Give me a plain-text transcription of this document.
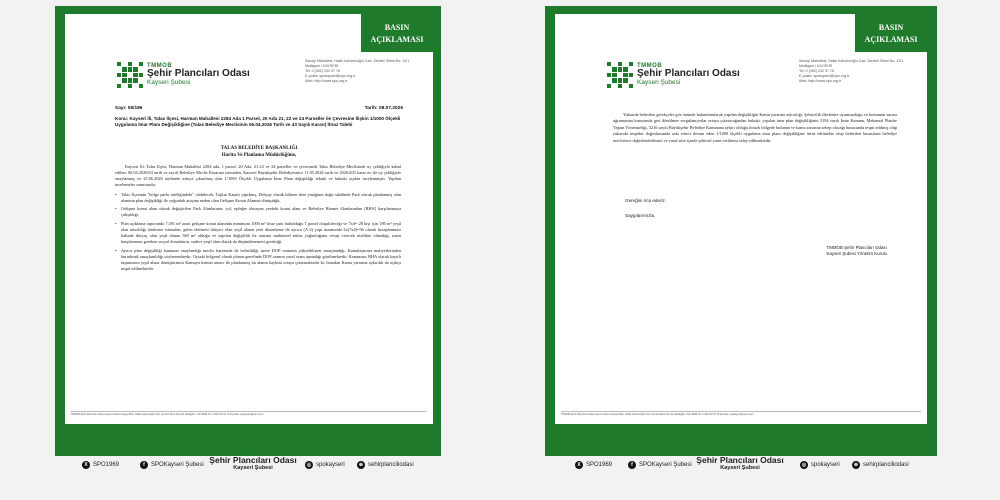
BASIN
AÇIKLAMASI
TMMOB
Şehir Plancıları Odası
Kayseri Şubesi
Sanayi Mahallesi, Hakki Kahvecioğlu Cad. Zeminli Sitesi No: 13/1
Melikgazi / KAYSERİ
Tel: 0 (352) 232 97 76
E-posta: spokayseri@spo.org.tr
Web: http://www.spo.org.tr
Sayı: 06/186	Tarih: 08.07.2026
Konu: Kayseri İli, Talas İlçesi, Harman Mahallesi 2284 Ada 1 Parsel, 20 Ada 21, 22 ve 24 Parseller ile Çevresine İlişkin 1/1000 Ölçekli Uygulama İmar Planı Değişikliğine (Talas Belediye Meclisinin 06.04.2026 Tarih ve 43 Sayılı Kararı) İtiraz Talebi
TALAS BELEDİYE BAŞKANLIĞI
Harita Ve Planlama Müdürlüğüne,

Kayseri İli, Talas İlçesi, Harman Mahallesi 2284 ada, 1 parsel, 20 Ada, 21-22 ve 24 parseller ve çevresinde Talas Belediye Meclisinde uy çekliğiyle kabul edilen; 06.04.2026/43 tarih ve sayılı Belediye Meclis Kararına istinaden, Kayseri Büyükşehir Belediyesince 11.05.2026 tarih ve 2026/205 karar no ile uy çekliğiyle onaylanmış ve 25.06.2026 tarihinde askıya çıkarılmış olan 1/1000 Ölçekli Uygulama İmar Planı değişikliği teknik ve hukuki açıdan incelenmiştir. Yapılan incelemeler sonucunda;

• Talas İlçesinin "bölge parkı niteliğindeki" olabilecek, Taşkın Kanalı yapılmış, Deliçay olarak bilinen dere yatağının doğu sahilinde Park olarak planlanmış olan alanının plan değişikliği ile yoğunluk artışına neden olan Gelişme Konut Alanına dönüştüğü,
• Gelişme konut alanı olarak değiştirilen Park Alanlarının; yol, eşdeğer olmayan yerdeki konut alanı ve Belediye Hizmet Alanlarından [BHA] karşılanmaya çalışıldığı,
• Plan açıklama raporunda 7.491 m² arazi gelişme konut alanında minimum 1000 m² ifraz şartı bulunduğu 7 parsel oluşabileceği ve 7x4= 28 kişi için 180 m² yeşil alan artırıldığı ifadesine istinaden, gelen ekilmesi ihtiyacı olan yeşil alanın yeni düzenleme ile ayrıca (A-2) yapı nizamında 2x(7x4)=56 olarak hesaplanması halinde ihtiyaç olan yeşil alanın 560 m² olduğu ve yapılan değişiklik ile artması muhtemel nüfus yoğunluğuna cevap verecek nitelikte olmadığı, zaten karşılanması gereken sosyal donatıların, sadece yeşil alan olarak da düşünülmemesi gerektiği,
• Ayrıca plan değişikliği kanunun onaylandığı meclis kararında da belirtildiği üzere DOP oranının yükseltilmesi amaçlandığı, Kamulaştırma maliyetlerinden kurtulmak amaçlanıldığı söylenmektedir. Oysaki bölgesel olarak planın genelinde DOP oranını yasal oranı aşmadığı görülmektedir. Kanunsuz, BHA olarak kayıtlı taşınmazın yeşil alana dönüştürmesi Kamuya hizmet amacı ile planlanmış bu alanın kaybını ortaya çıkarmaktadır ki, buradan Kamu yararına aykırılık da açıkça tespit edilmektedir.
TMMOB Şehir Plancıları Odası Kayseri Şubesi Sanayi Mah. Hakki Kahvecioğlu Cad. Zeminli Sitesi No:13/1 Melikgazi / KAYSERİ Tel: 0 352 232 97 76 E-posta: spokayseri@spo.org.tr
TMMOB
Şehir Plancıları Odası
Kayseri Şubesi
X SPO1969	f	SPOKayseri Şubesi	◎ spokayseri	⊕ sehirplanciliodasi
BASIN
AÇIKLAMASI
TMMOB
Şehir Plancıları Odası
Kayseri Şubesi
Sanayi Mahallesi, Hakki Kahvecioğlu Cad. Zeminli Sitesi No: 13/1
Melikgazi / KAYSERİ
Tel: 0 (352) 232 97 76
E-posta: spokayseri@spo.org.tr
Web: http://www.spo.org.tr

Yukarıda belirtilen gerekçeler göz önünde bulundurularak yapılan değişikliğin Kamu yararına aykırılığı, Şehircilik ilkelerine uyumsuzluğu ve konumun zarara uğramasına hususunda geri dönülmez sorgulanıyorlar ortaya çıkaracağından hukuki, yapılan imar plan değişikliğinin 3194 sayılı İmar Kanunu, Mekansal Planlar Yapım Yönetmeliği, 5216 sayılı Büyükşehir Belediye Kanununa aykırı olduğu itirazlı bölgede bulunan ve kamu zararına sebep olacağı hususunda tespit edilmiş olup yukarıda tespitler doğrultusunda askı süreci devam eden 1/1000 ölçekli uygulama imar planı değişikliğine itiraz edilmekte olup belirtilen hususların belediye meclisince değerlendirilmesi ve yasal süre içinde şehirsel yanıt verilmesi talep edilmektedir.

Gereğini rica ederiz.
Saygılarımızla,
TMMOB Şehir Plancıları Odası
Kayseri Şubesi Yönetim Kurulu
TMMOB Şehir Plancıları Odası Kayseri Şubesi Sanayi Mah. Hakki Kahvecioğlu Cad. Zeminli Sitesi No:13/1 Melikgazi / KAYSERİ Tel: 0 352 232 97 76 E-posta: spokayseri@spo.org.tr
TMMOB
Şehir Plancıları Odası
Kayseri Şubesi
X SPO1969	f	SPOKayseri Şubesi	◎ spokayseri	⊕ sehirplanciliodasi
